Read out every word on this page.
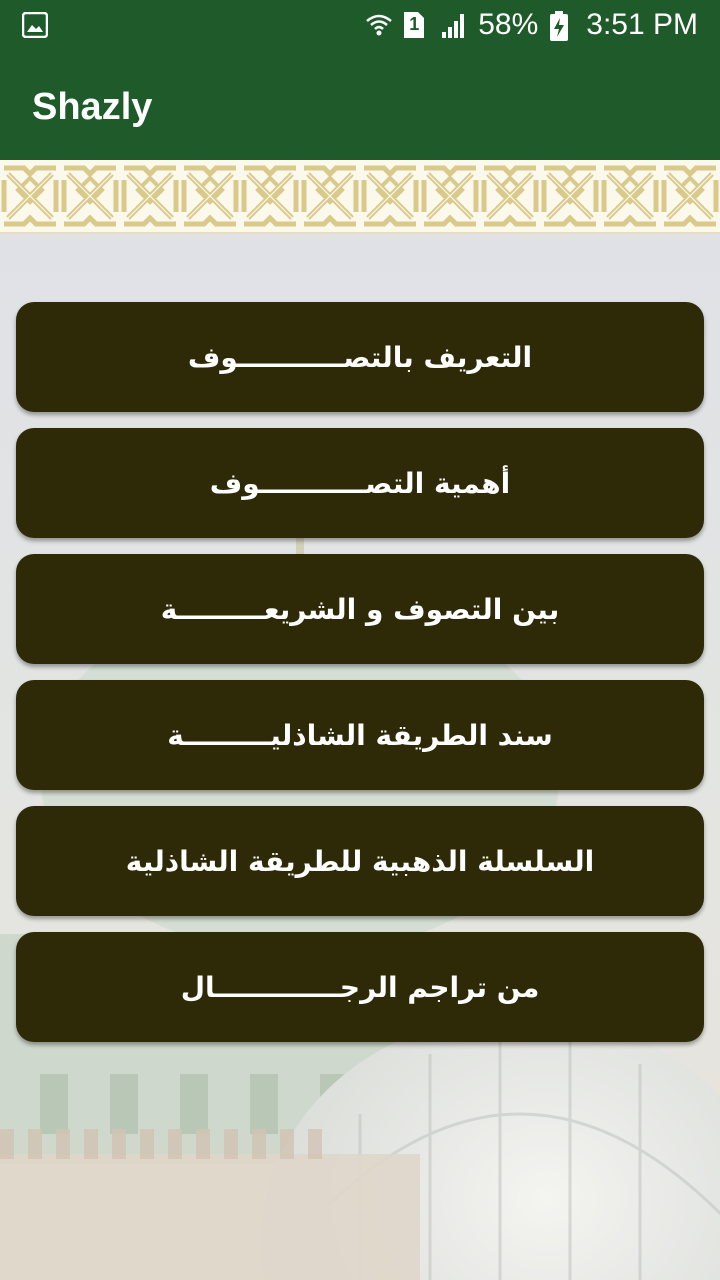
1 58% 3:51 PM
Shazly
التعريف بالتصـــــــــــوف
أهمية التصـــــــــــوف
بين التصوف و الشريعـــــــــة
سند الطريقة الشاذليـــــــــة
السلسلة الذهبية للطريقة الشاذلية
من تراجم الرجـــــــــــــال
